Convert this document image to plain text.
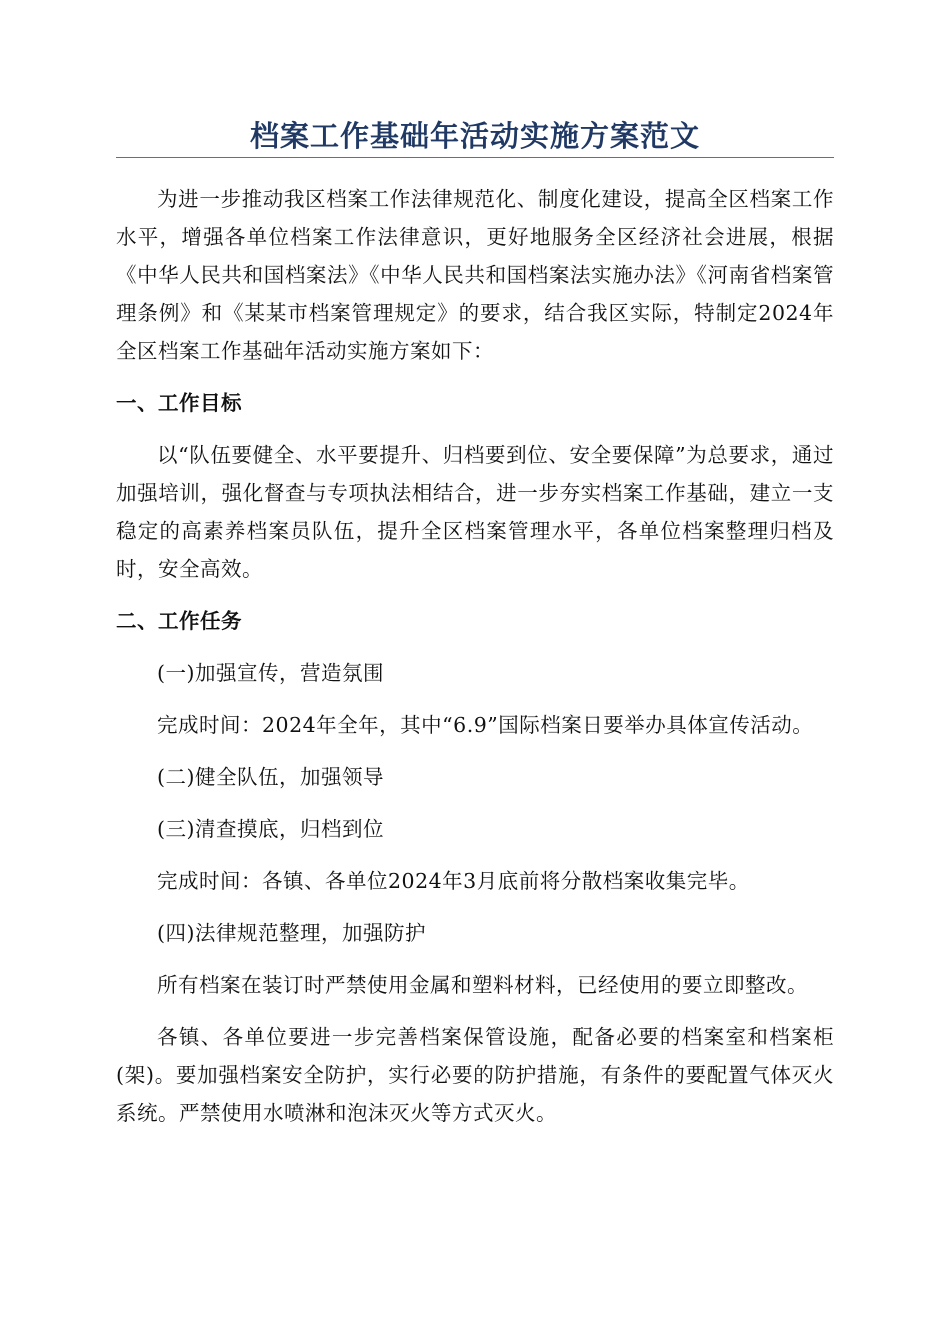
档案工作基础年活动实施方案范文

为进一步推动我区档案工作法律规范化、制度化建设，提高全区档案工作水平，增强各单位档案工作法律意识，更好地服务全区经济社会进展，根据《中华人民共和国档案法》《中华人民共和国档案法实施办法》《河南省档案管理条例》和《某某市档案管理规定》的要求，结合我区实际，特制定2024年全区档案工作基础年活动实施方案如下：

一、工作目标

以“队伍要健全、水平要提升、归档要到位、安全要保障”为总要求，通过加强培训，强化督查与专项执法相结合，进一步夯实档案工作基础，建立一支稳定的高素养档案员队伍，提升全区档案管理水平，各单位档案整理归档及时，安全高效。

二、工作任务

(一)加强宣传，营造氛围

完成时间：2024年全年，其中“6.9”国际档案日要举办具体宣传活动。

(二)健全队伍，加强领导

(三)清查摸底，归档到位

完成时间：各镇、各单位2024年3月底前将分散档案收集完毕。

(四)法律规范整理，加强防护

所有档案在装订时严禁使用金属和塑料材料，已经使用的要立即整改。

各镇、各单位要进一步完善档案保管设施，配备必要的档案室和档案柜(架)。要加强档案安全防护，实行必要的防护措施，有条件的要配置气体灭火系统。严禁使用水喷淋和泡沫灭火等方式灭火。
